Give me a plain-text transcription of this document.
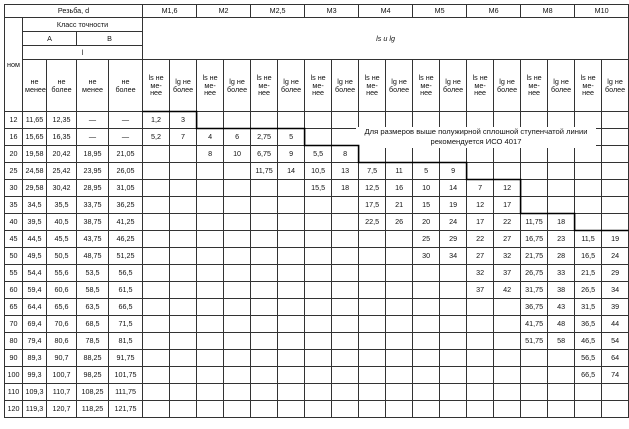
Резьба, d					M1,6		M2		M2,5		M3		M4		M5		M6		M8		M10	
ном	Класс точности				ls и lg																	
	А		В																			
	l																					
	не менее	не более	не менее	не более	ls не ме-нее	lg не более	ls не ме-нее	lg не более	ls не ме-нее	lg не более	ls не ме-нее	lg не более	ls не ме-нее	lg не более	ls не ме-нее	lg не более	ls не ме-нее	lg не более	ls не ме-нее	lg не более	ls не ме-нее	lg не более
12	11,65	12,35	—	—	1,2	3																
16	15,65	16,35	—	—	5,2	7	4	6	2,75	5												
20	19,58	20,42	18,95	21,05			8	10	6,75	9	5,5	8										
25	24,58	25,42	23,95	26,05					11,75	14	10,5	13	7,5	11	5	9						
30	29,58	30,42	28,95	31,05							15,5	18	12,5	16	10	14	7	12				
35	34,5	35,5	33,75	36,25									17,5	21	15	19	12	17				
40	39,5	40,5	38,75	41,25									22,5	26	20	24	17	22	11,75	18		
45	44,5	45,5	43,75	46,25											25	29	22	27	16,75	23	11,5	19
50	49,5	50,5	48,75	51,25											30	34	27	32	21,75	28	16,5	24
55	54,4	55,6	53,5	56,5													32	37	26,75	33	21,5	29
60	59,4	60,6	58,5	61,5													37	42	31,75	38	26,5	34
65	64,4	65,6	63,5	66,5															36,75	43	31,5	39
70	69,4	70,6	68,5	71,5															41,75	48	36,5	44
80	79,4	80,6	78,5	81,5															51,75	58	46,5	54
90	89,3	90,7	88,25	91,75																	56,5	64
100	99,3	100,7	98,25	101,75																	66,5	74
110	109,3	110,7	108,25	111,75																		
120	119,3	120,7	118,25	121,75																		
Для размеров выше полужирной сплошной ступенчатой линии рекомендуется ИСО 4017
